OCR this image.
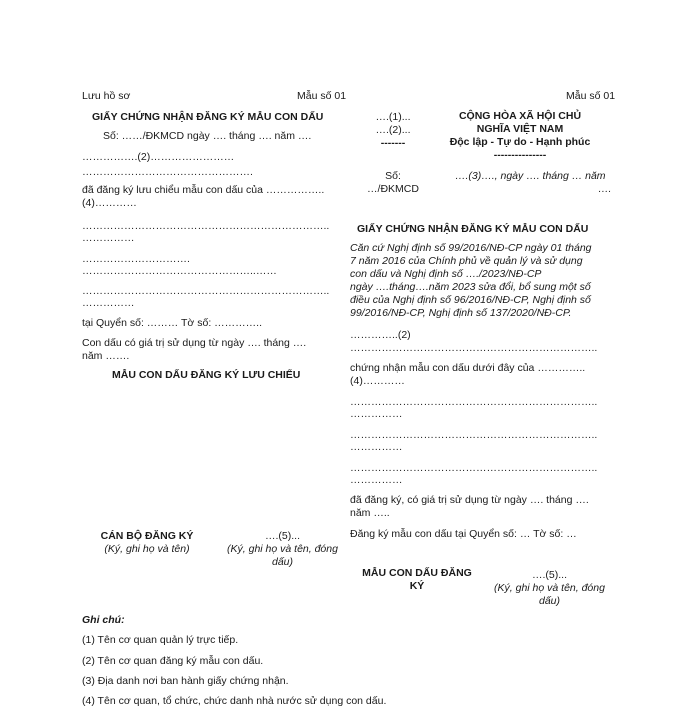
Lưu hồ sơ	Mẫu số 01	Mẫu số 01
GIẤY CHỨNG NHẬN ĐĂNG KÝ MẪU CON DẤU
Số: ……/ĐKMCD ngày …. tháng …. năm ….
…………….(2)……………………
………………………………………….
đã đăng ký lưu chiểu mẫu con dấu của …………….. (4)…………
……………………………………………………………..
……………
………………………….
…………………………………………..……
……………………………………………………………..
……………
tại Quyển số: ……… Tờ số: …………..
Con dấu có giá trị sử dụng từ ngày …. tháng ….
năm …….
MẪU CON DẤU ĐĂNG KÝ LƯU CHIỂU
CÁN BỘ ĐĂNG KÝ
(Ký, ghi họ và tên)
….(5)...
(Ký, ghi họ và tên, đóng
dấu)
….(1)...
….(2)...
-------
Số:
…/ĐKMCD
CỘNG HÒA XÃ HỘI CHỦ
NGHĨA VIỆT NAM
Độc lập - Tự do - Hạnh phúc
---------------
….(3)…., ngày …. tháng … năm
….
GIẤY CHỨNG NHẬN ĐĂNG KÝ MẪU CON DẤU
Căn cứ Nghị định số 99/2016/NĐ-CP ngày 01 tháng
7 năm 2016 của Chính phủ về quản lý và sử dụng
con dấu và Nghị định số …./2023/NĐ-CP
ngày ….tháng….năm 2023 sửa đổi, bổ sung một số
điều của Nghị định số 96/2016/NĐ-CP, Nghị định số
99/2016/NĐ-CP, Nghị định số 137/2020/NĐ-CP.
…………..(2)
……………………………………………………………..
chứng nhận mẫu con dấu dưới đây của …………..
(4)…………
……………………………………………………………..
……………
……………………………………………………………..
……………
……………………………………………………………..
……………
đã đăng ký, có giá trị sử dụng từ ngày …. tháng ….
năm …..
Đăng ký mẫu con dấu tại Quyển số: … Tờ số: …
MẪU CON DẤU ĐĂNG
KÝ
….(5)...
(Ký, ghi họ và tên, đóng
dấu)
Ghi chú:
(1) Tên cơ quan quản lý trực tiếp.
(2) Tên cơ quan đăng ký mẫu con dấu.
(3) Địa danh nơi ban hành giấy chứng nhận.
(4) Tên cơ quan, tổ chức, chức danh nhà nước sử dụng con dấu.
